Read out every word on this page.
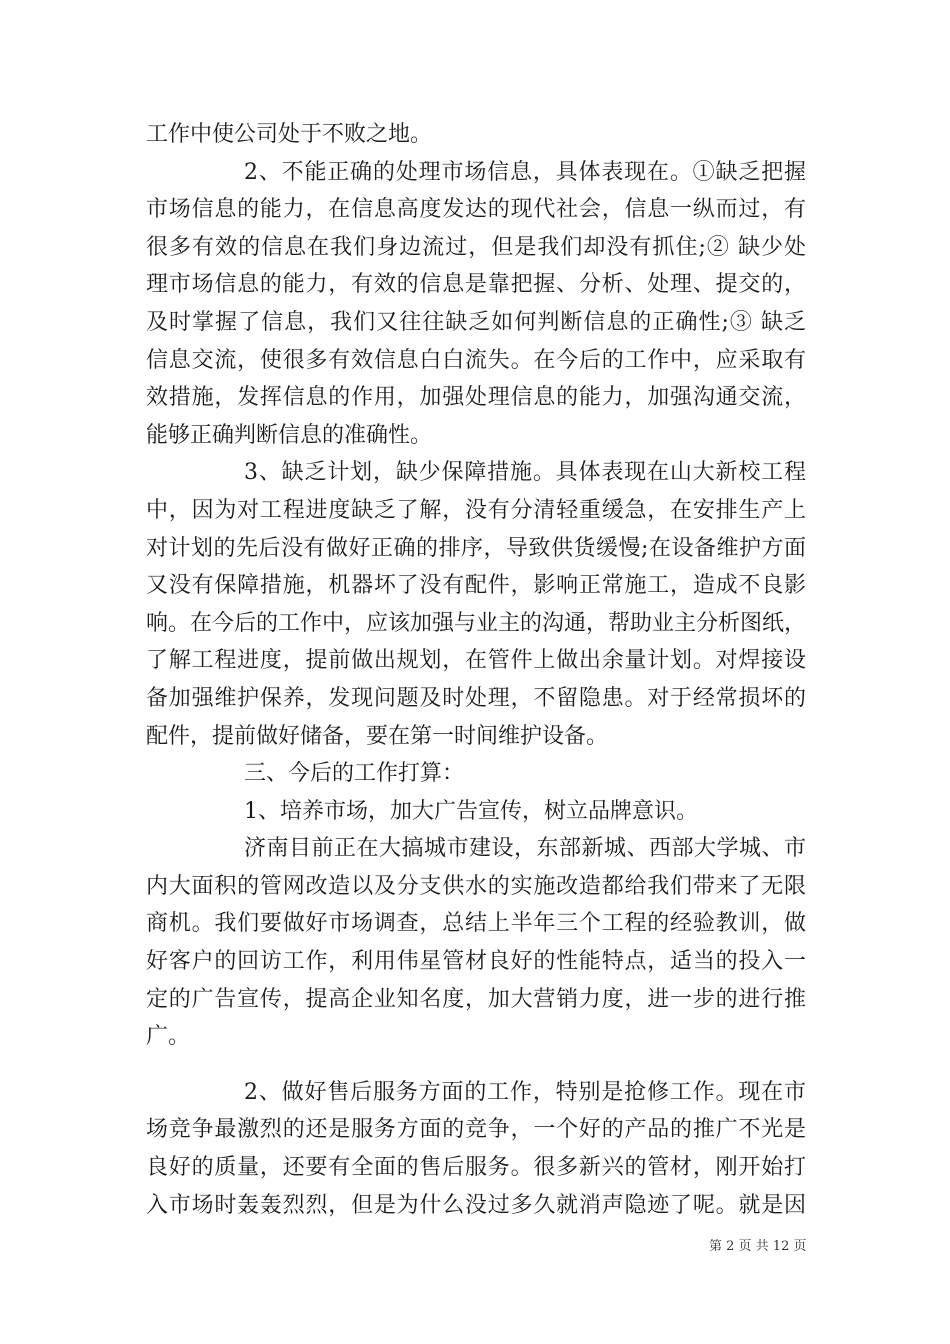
工作中使公司处于不败之地。
2、不能正确的处理市场信息，具体表现在。①缺乏把握
市场信息的能力，在信息高度发达的现代社会，信息一纵而过，有
很多有效的信息在我们身边流过，但是我们却没有抓住;② 缺少处
理市场信息的能力，有效的信息是靠把握、分析、处理、提交的，
及时掌握了信息，我们又往往缺乏如何判断信息的正确性;③ 缺乏
信息交流，使很多有效信息白白流失。在今后的工作中，应采取有
效措施，发挥信息的作用，加强处理信息的能力，加强沟通交流，
能够正确判断信息的准确性。
3、缺乏计划，缺少保障措施。具体表现在山大新校工程
中，因为对工程进度缺乏了解，没有分清轻重缓急，在安排生产上
对计划的先后没有做好正确的排序，导致供货缓慢;在设备维护方面
又没有保障措施，机器坏了没有配件，影响正常施工，造成不良影
响。在今后的工作中，应该加强与业主的沟通，帮助业主分析图纸，
了解工程进度，提前做出规划，在管件上做出余量计划。对焊接设
备加强维护保养，发现问题及时处理，不留隐患。对于经常损坏的
配件，提前做好储备，要在第一时间维护设备。
三、今后的工作打算：
1、培养市场，加大广告宣传，树立品牌意识。
济南目前正在大搞城市建设，东部新城、西部大学城、市
内大面积的管网改造以及分支供水的实施改造都给我们带来了无限
商机。我们要做好市场调查，总结上半年三个工程的经验教训，做
好客户的回访工作，利用伟星管材良好的性能特点，适当的投入一
定的广告宣传，提高企业知名度，加大营销力度，进一步的进行推
广。
2、做好售后服务方面的工作，特别是抢修工作。现在市
场竞争最激烈的还是服务方面的竞争，一个好的产品的推广不光是
良好的质量，还要有全面的售后服务。很多新兴的管材，刚开始打
入市场时轰轰烈烈，但是为什么没过多久就消声隐迹了呢。就是因
第 2 页 共 12 页
